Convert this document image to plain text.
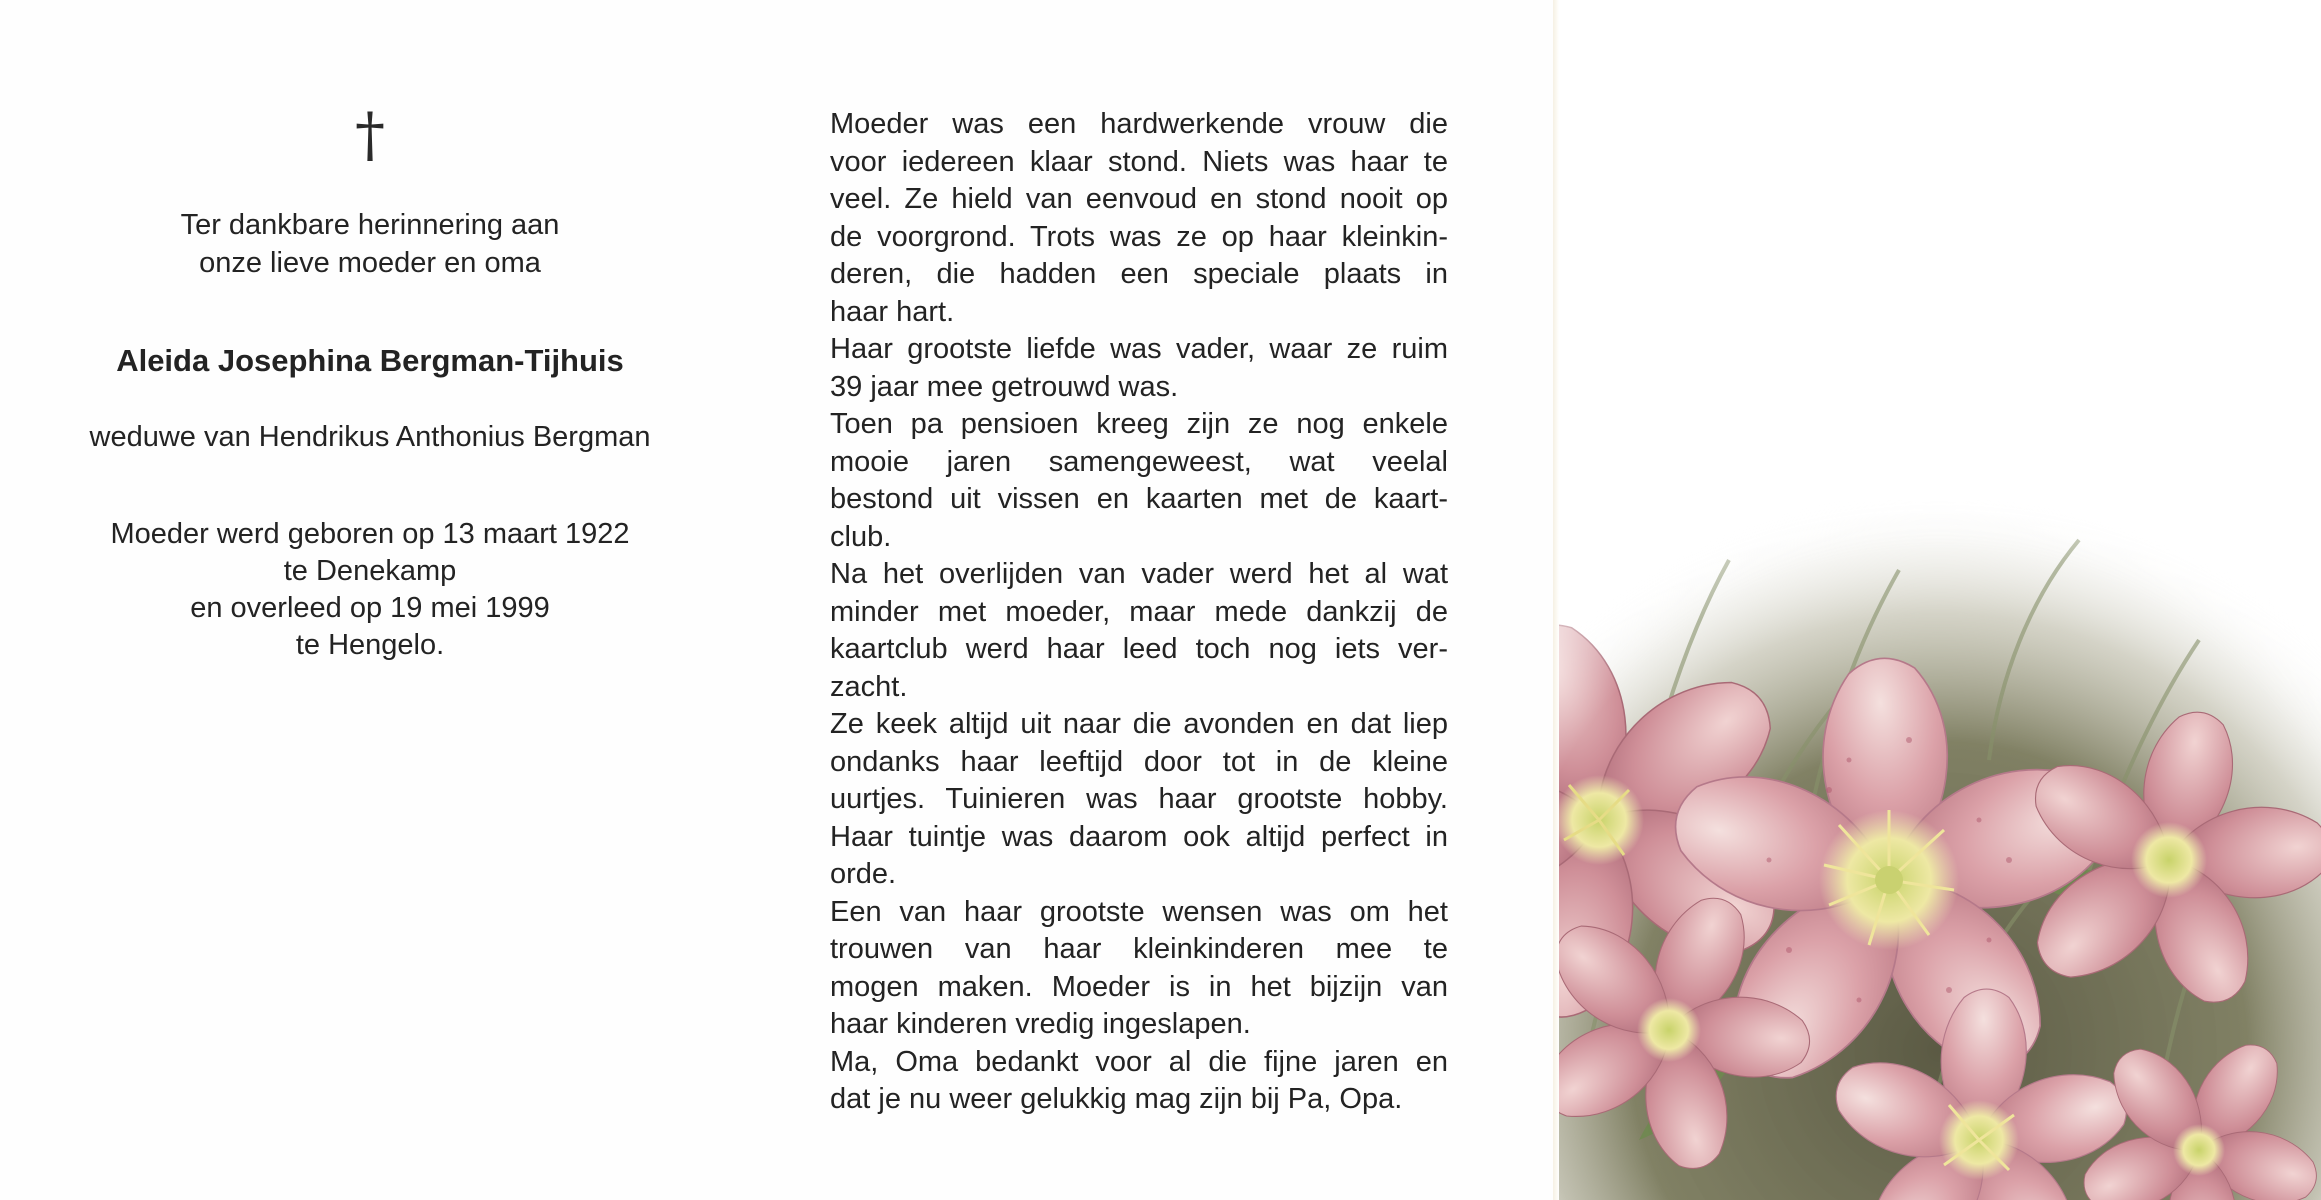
†
Ter dankbare herinnering aan
onze lieve moeder en oma
Aleida Josephina Bergman-Tijhuis
weduwe van Hendrikus Anthonius Bergman
Moeder werd geboren op 13 maart 1922
te Denekamp
en overleed op 19 mei 1999
te Hengelo.

Moeder was een hardwerkende vrouw die
voor iedereen klaar stond. Niets was haar te
veel. Ze hield van eenvoud en stond nooit op
de voorgrond. Trots was ze op haar kleinkin-
deren, die hadden een speciale plaats in
haar hart.

Haar grootste liefde was vader, waar ze ruim
39 jaar mee getrouwd was.

Toen pa pensioen kreeg zijn ze nog enkele
mooie jaren samengeweest, wat veelal
bestond uit vissen en kaarten met de kaart-
club.

Na het overlijden van vader werd het al wat
minder met moeder, maar mede dankzij de
kaartclub werd haar leed toch nog iets ver-
zacht.

Ze keek altijd uit naar die avonden en dat liep
ondanks haar leeftijd door tot in de kleine
uurtjes. Tuinieren was haar grootste hobby.
Haar tuintje was daarom ook altijd perfect in
orde.

Een van haar grootste wensen was om het
trouwen van haar kleinkinderen mee te
mogen maken. Moeder is in het bijzijn van
haar kinderen vredig ingeslapen.

Ma, Oma bedankt voor al die fijne jaren en
dat je nu weer gelukkig mag zijn bij Pa, Opa.
